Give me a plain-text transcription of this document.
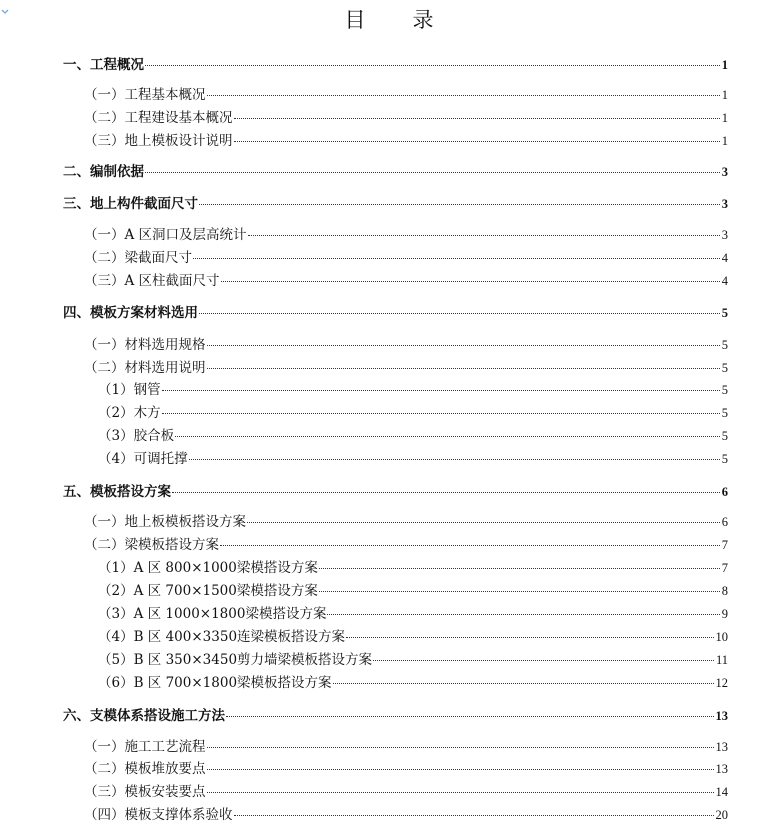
目 录
一、工程概况	1
（一）工程基本概况	1
（二）工程建设基本概况	1
（三）地上模板设计说明	1
二、编制依据	3
三、地上构件截面尺寸	3
（一）A 区洞口及层高统计	3
（二）梁截面尺寸	4
（三）A 区柱截面尺寸	4
四、模板方案材料选用	5
（一）材料选用规格	5
（二）材料选用说明	5
（1）钢管	5
（2）木方	5
（3）胶合板	5
（4）可调托撑	5
五、模板搭设方案	6
（一）地上板模板搭设方案	6
（二）梁模板搭设方案	7
（1）A 区 800×1000梁模搭设方案	7
（2）A 区 700×1500梁模搭设方案	8
（3）A 区 1000×1800梁模搭设方案	9
（4）B 区 400×3350连梁模板搭设方案	10
（5）B 区 350×3450剪力墙梁模板搭设方案	11
（6）B 区 700×1800梁模板搭设方案	12
六、支模体系搭设施工方法	13
（一）施工工艺流程	13
（二）模板堆放要点	13
（三）模板安装要点	14
（四）模板支撑体系验收	20
